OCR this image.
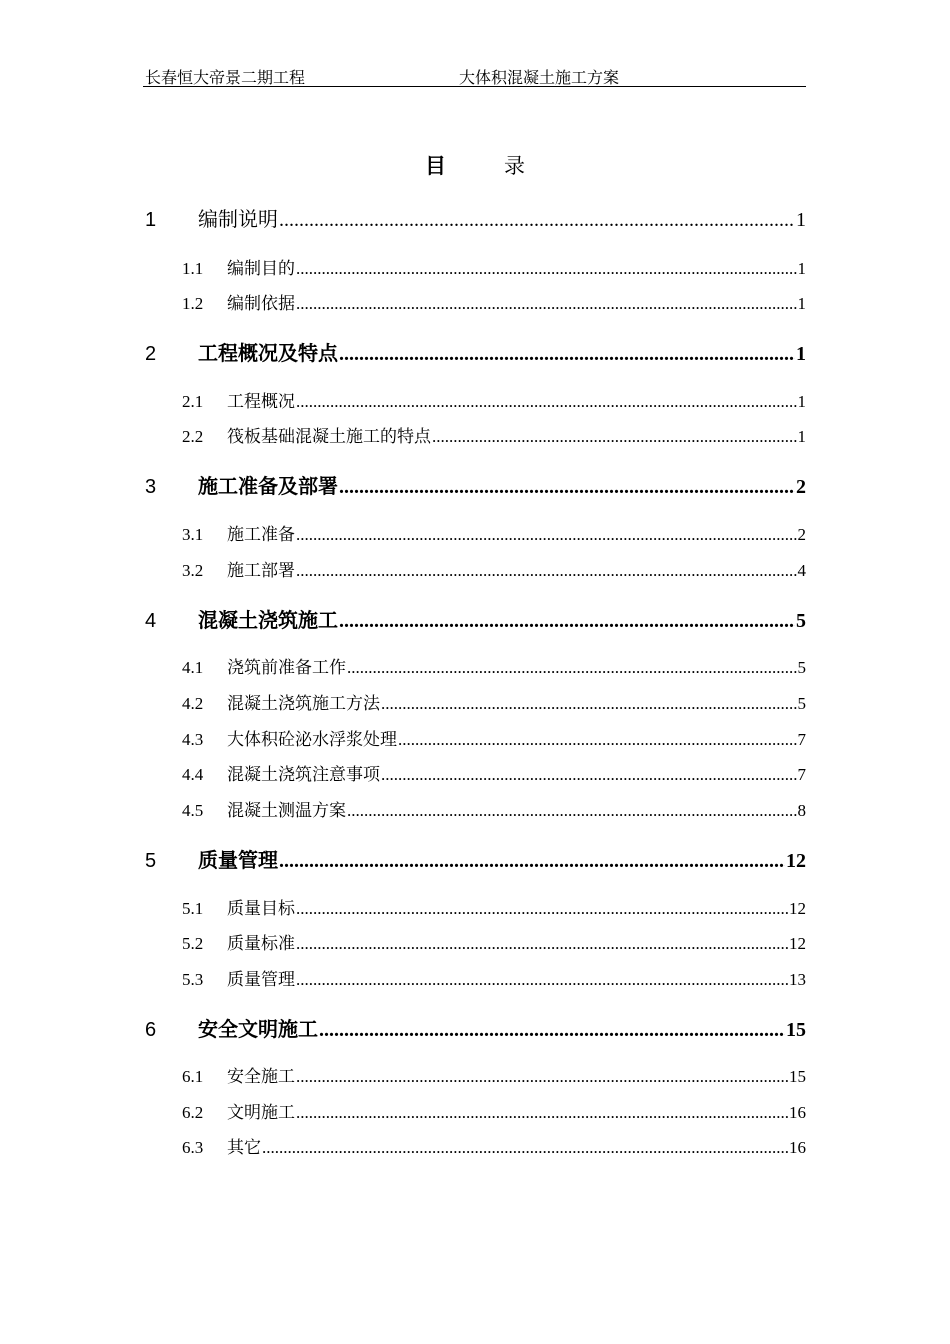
长春恒大帝景二期工程	大体积混凝土施工方案
目	录
1	编制说明 .....	1
1.1	编制目的 .....	1
1.2	编制依据 .....	1
2	工程概况及特点 .....	1
2.1	工程概况 .....	1
2.2	筏板基础混凝土施工的特点 .....	1
3	施工准备及部署 .....	2
3.1	施工准备 .....	2
3.2	施工部署 .....	4
4	混凝土浇筑施工 .....	5
4.1	浇筑前准备工作 .....	5
4.2	混凝土浇筑施工方法 .....	5
4.3	大体积砼泌水浮浆处理 .....	7
4.4	混凝土浇筑注意事项 .....	7
4.5	混凝土测温方案 .....	8
5	质量管理 .....	12
5.1	质量目标 .....	12
5.2	质量标准 .....	12
5.3	质量管理 .....	13
6	安全文明施工 .....	15
6.1	安全施工 .....	15
6.2	文明施工 .....	16
6.3	其它 .....	16
